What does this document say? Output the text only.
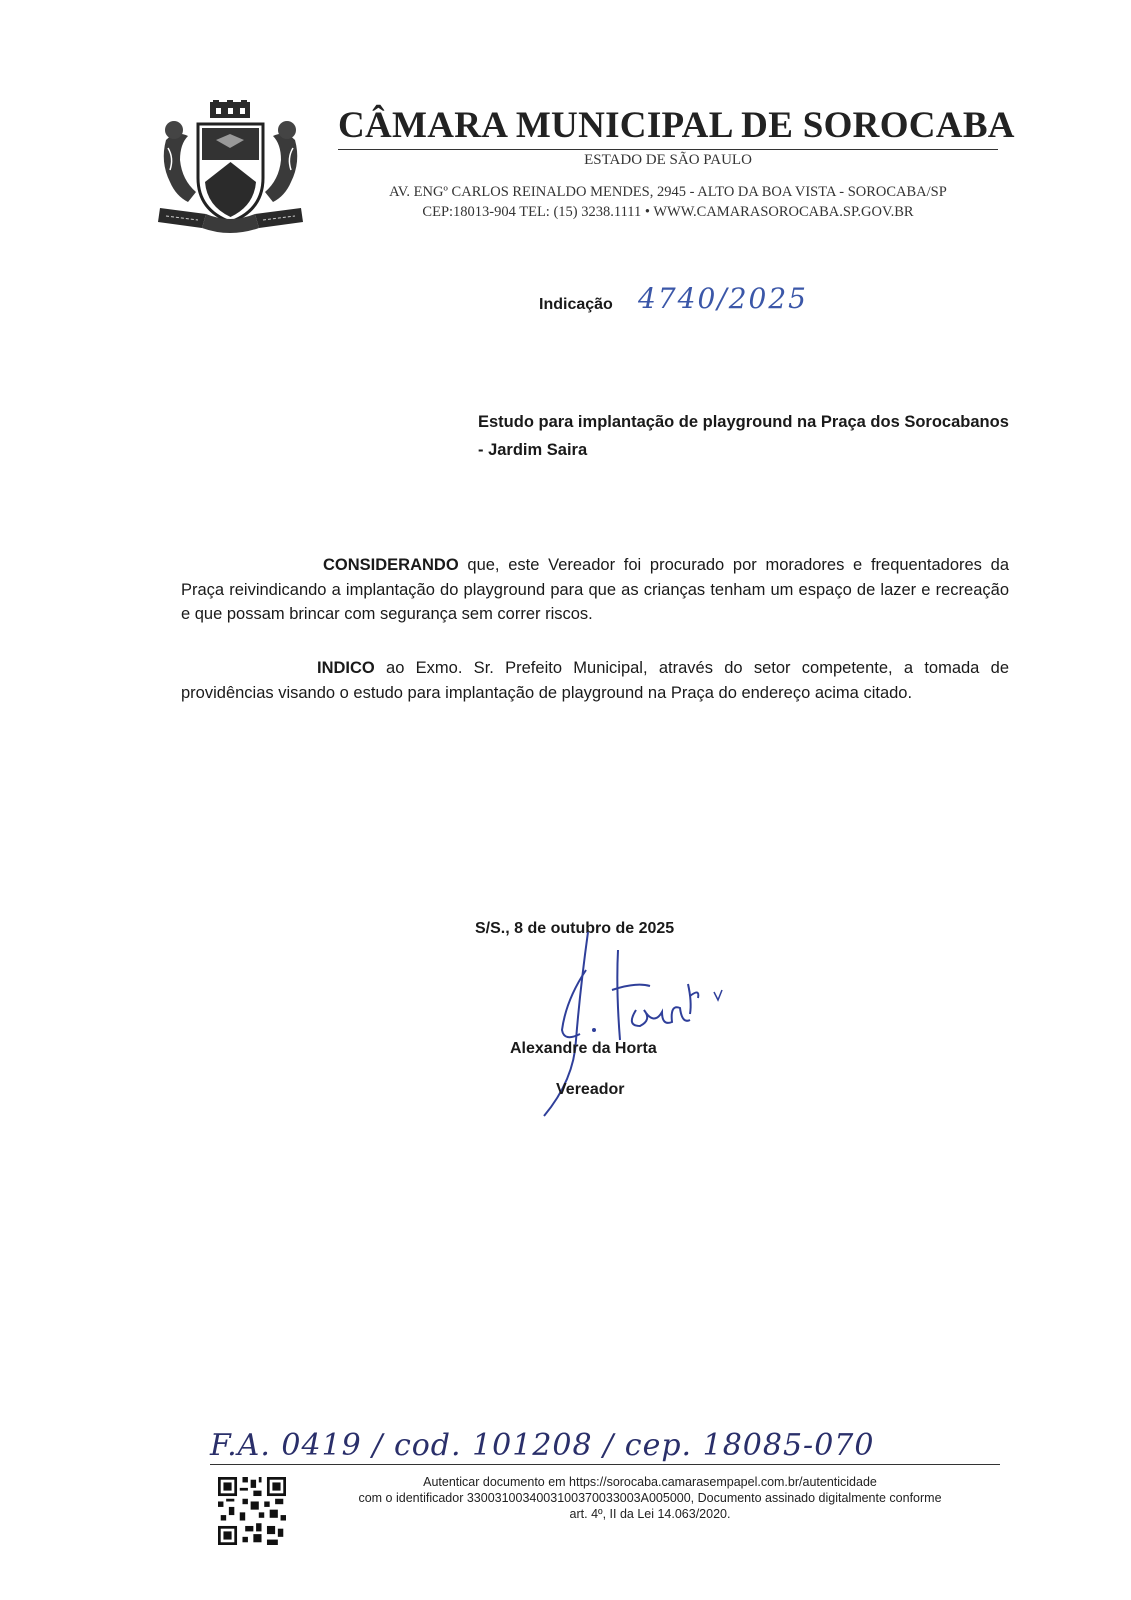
CÂMARA MUNICIPAL DE SOROCABA
ESTADO DE SÃO PAULO
AV. ENGº CARLOS REINALDO MENDES, 2945 - ALTO DA BOA VISTA - SOROCABA/SP
CEP:18013-904 TEL: (15) 3238.1111 • WWW.CAMARASOROCABA.SP.GOV.BR
Indicação 4740/2025
Estudo para implantação de playground na Praça dos Sorocabanos - Jardim Saira
CONSIDERANDO que, este Vereador foi procurado por moradores e frequentadores da Praça reivindicando a implantação do playground para que as crianças tenham um espaço de lazer e recreação e que possam brincar com segurança sem correr riscos.
INDICO ao Exmo. Sr. Prefeito Municipal, através do setor competente, a tomada de providências visando o estudo para implantação de playground na Praça do endereço acima citado.
S/S., 8 de outubro de 2025
Alexandre da Horta
Vereador
F.A. 0419 / cod. 101208 / cep. 18085-070
Autenticar documento em https://sorocaba.camarasempapel.com.br/autenticidade
com o identificador 3300310034003100370033003A005000, Documento assinado digitalmente conforme
art. 4º, II da Lei 14.063/2020.
